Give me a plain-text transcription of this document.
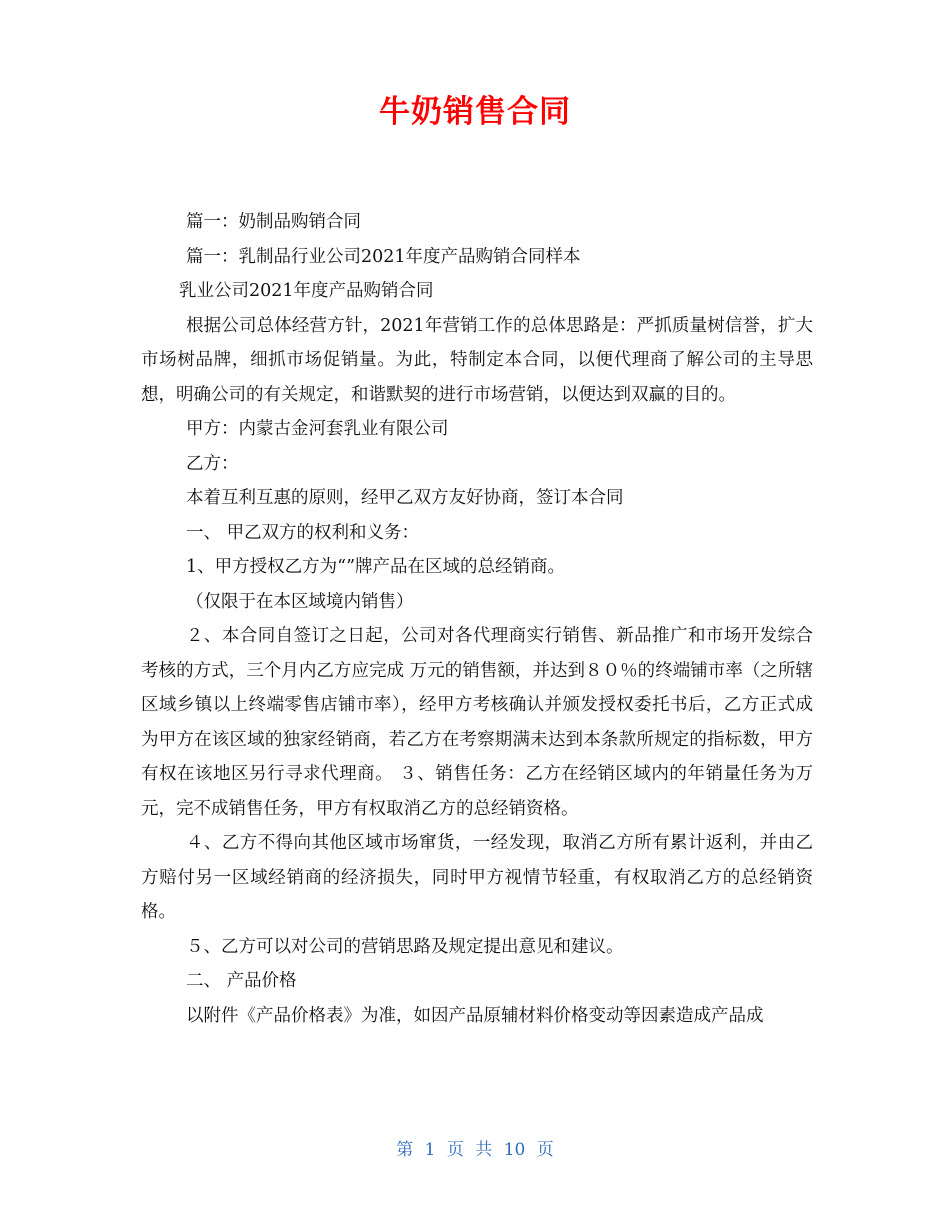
牛奶销售合同

篇一：奶制品购销合同

篇一：乳制品行业公司2021年度产品购销合同样本

乳业公司2021年度产品购销合同

根据公司总体经营方针，2021年营销工作的总体思路是：严抓质量树信誉，扩大市场树品牌，细抓市场促销量。为此，特制定本合同，以便代理商了解公司的主导思想，明确公司的有关规定，和谐默契的进行市场营销，以便达到双赢的目的。

甲方：内蒙古金河套乳业有限公司

乙方：

本着互利互惠的原则，经甲乙双方友好协商，签订本合同

一、 甲乙双方的权利和义务：

1、甲方授权乙方为“”牌产品在区域的总经销商。

（仅限于在本区域境内销售）

２、本合同自签订之日起，公司对各代理商实行销售、新品推广和市场开发综合考核的方式，三个月内乙方应完成 万元的销售额，并达到８０％的终端铺市率（之所辖区域乡镇以上终端零售店铺市率），经甲方考核确认并颁发授权委托书后，乙方正式成为甲方在该区域的独家经销商，若乙方在考察期满未达到本条款所规定的指标数，甲方有权在该地区另行寻求代理商。 ３、销售任务：乙方在经销区域内的年销量任务为万元，完不成销售任务，甲方有权取消乙方的总经销资格。

４、乙方不得向其他区域市场窜货，一经发现，取消乙方所有累计返利，并由乙方赔付另一区域经销商的经济损失，同时甲方视情节轻重，有权取消乙方的总经销资格。

５、乙方可以对公司的营销思路及规定提出意见和建议。

二、 产品价格

以附件《产品价格表》为准，如因产品原辅材料价格变动等因素造成产品成

第 1 页 共 10 页
